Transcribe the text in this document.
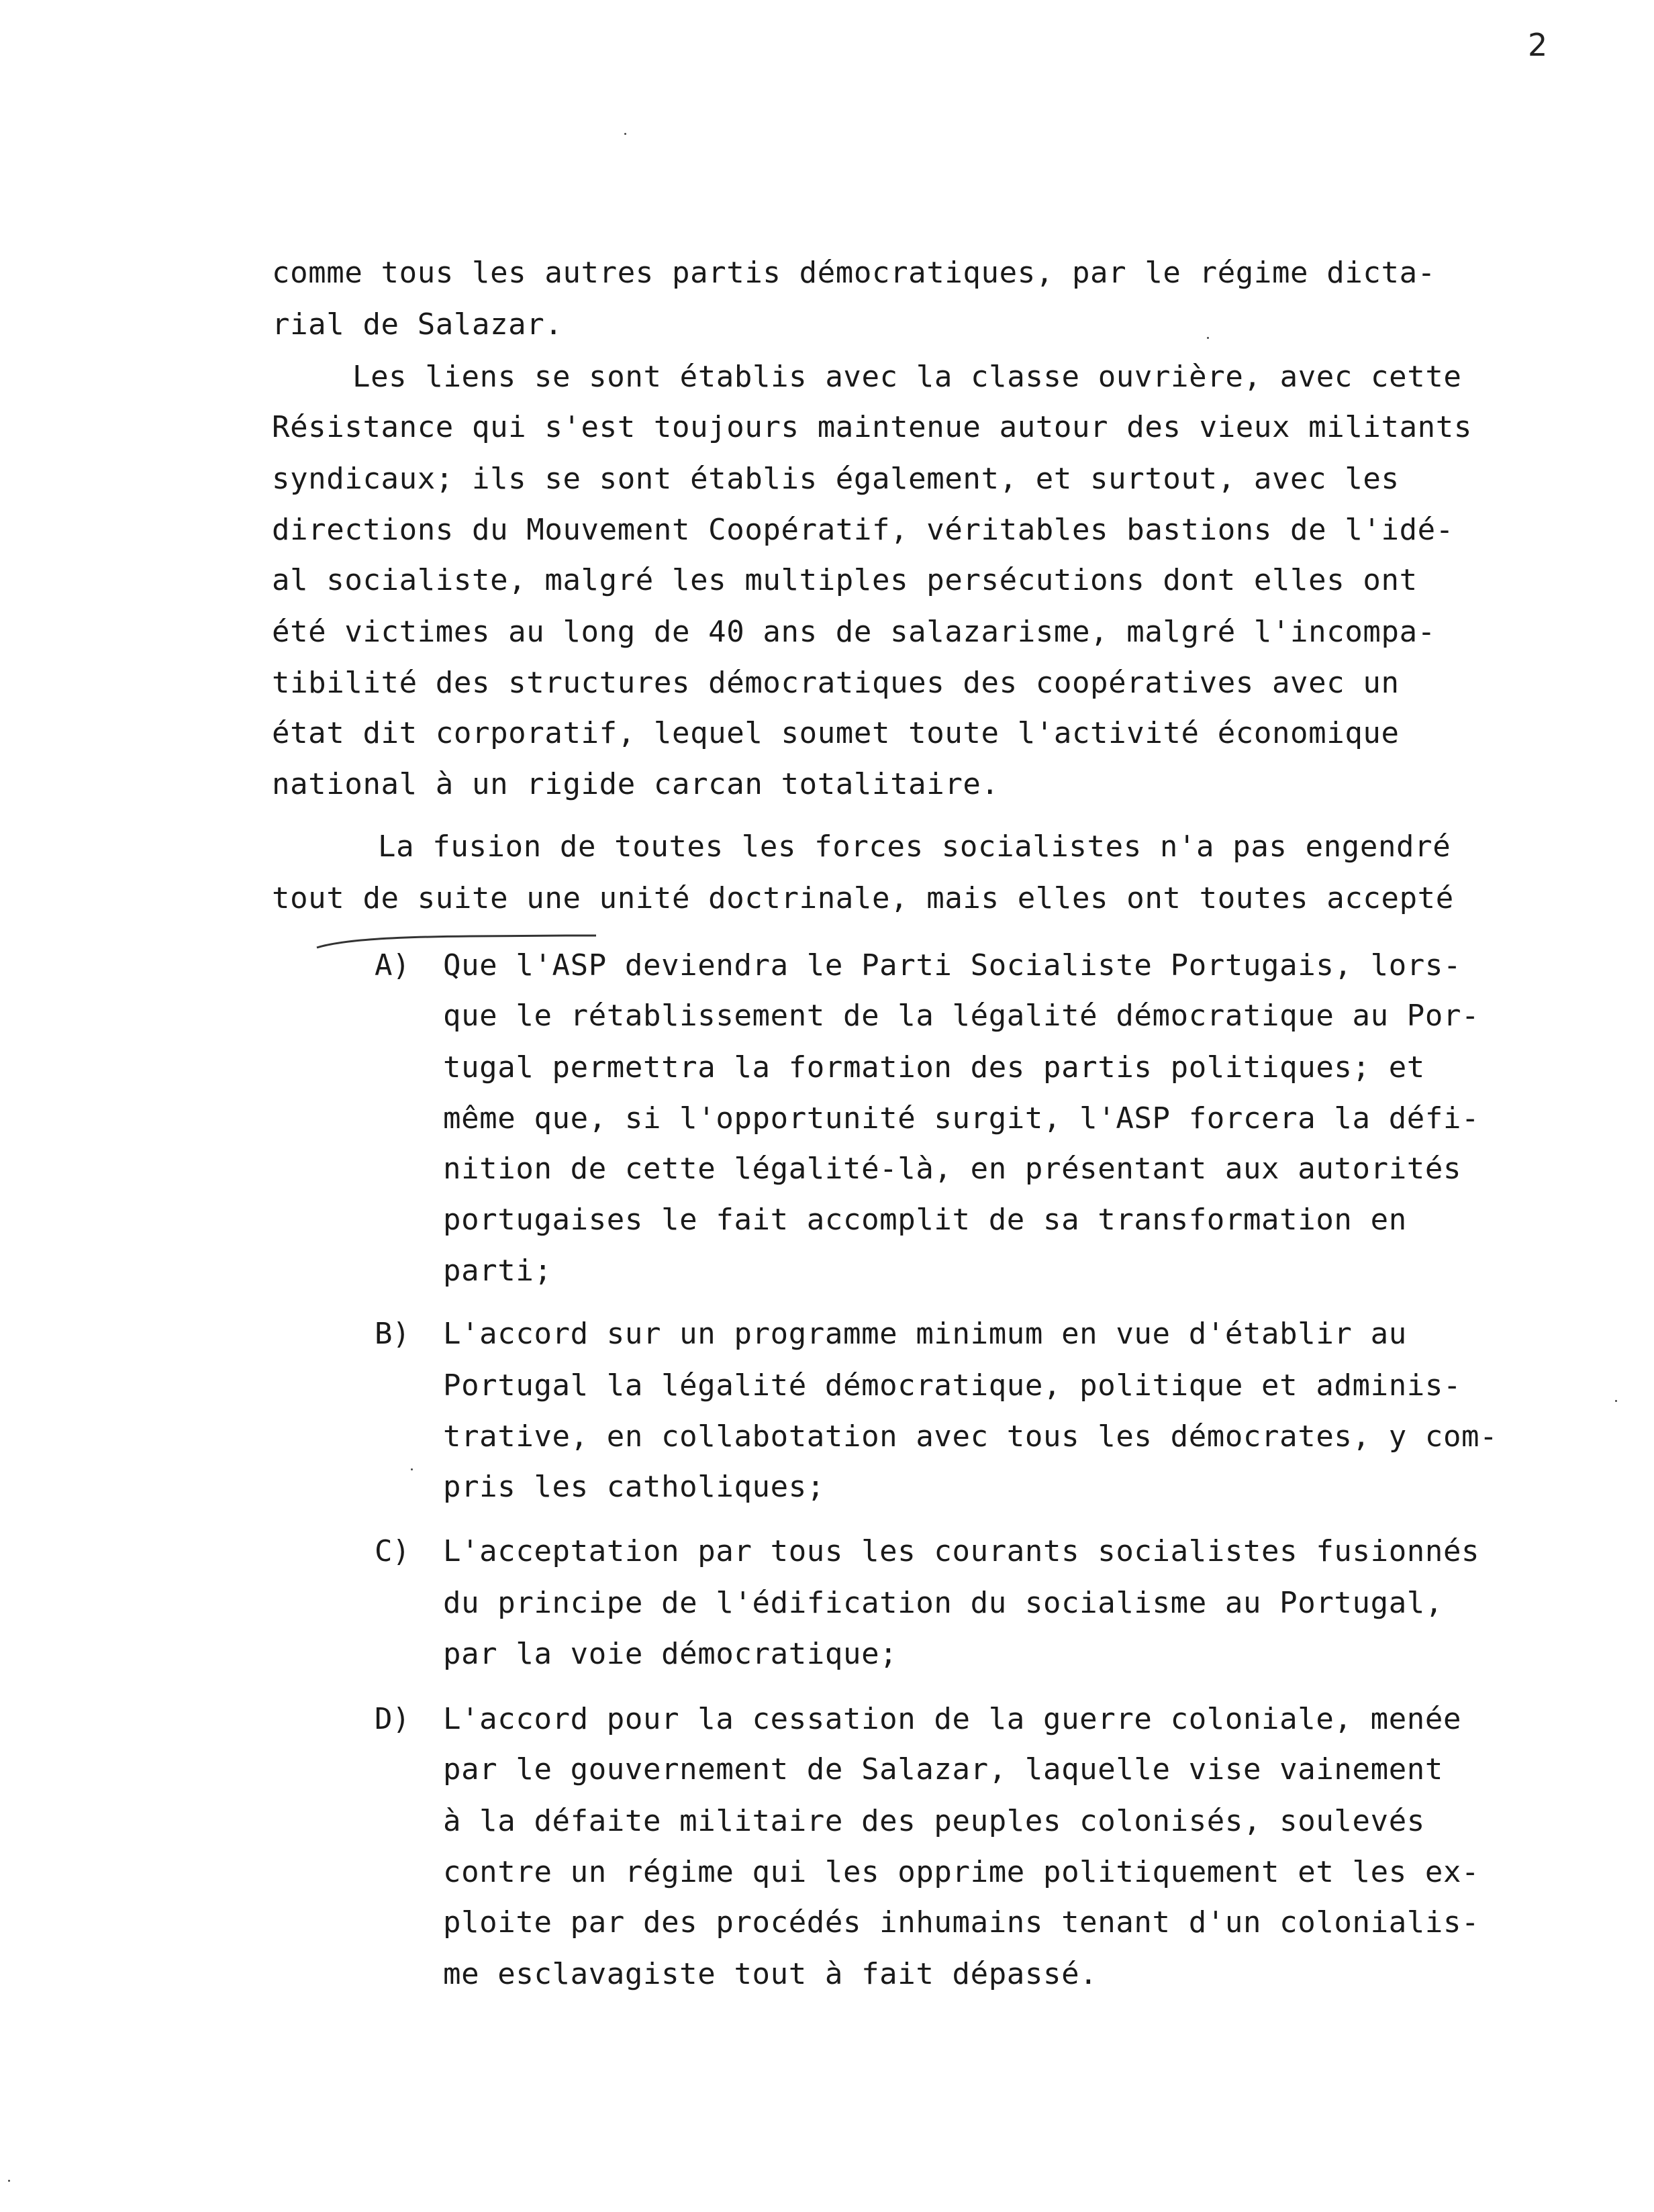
2
comme tous les autres partis démocratiques, par le régime dicta-
rial de Salazar.
Les liens se sont établis avec la classe ouvrière, avec cette
Résistance qui s'est toujours maintenue autour des vieux militants
syndicaux; ils se sont établis également, et surtout, avec les
directions du Mouvement Coopératif, véritables bastions de l'idé-
al socialiste, malgré les multiples persécutions dont elles ont
été victimes au long de 40 ans de salazarisme, malgré l'incompa-
tibilité des structures démocratiques des coopératives avec un
état dit corporatif, lequel soumet toute l'activité économique
national à un rigide carcan totalitaire.
La fusion de toutes les forces socialistes n'a pas engendré
tout de suite une unité doctrinale, mais elles ont toutes accepté
A) Que l'ASP deviendra le Parti Socialiste Portugais, lors-
que le rétablissement de la légalité démocratique au Por-
tugal permettra la formation des partis politiques; et
même que, si l'opportunité surgit, l'ASP forcera la défi-
nition de cette légalité-là, en présentant aux autorités
portugaises le fait accomplit de sa transformation en
parti;
B) L'accord sur un programme minimum en vue d'établir au
Portugal la légalité démocratique, politique et adminis-
trative, en collabotation avec tous les démocrates, y com-
pris les catholiques;
C) L'acceptation par tous les courants socialistes fusionnés
du principe de l'édification du socialisme au Portugal,
par la voie démocratique;
D) L'accord pour la cessation de la guerre coloniale, menée
par le gouvernement de Salazar, laquelle vise vainement
à la défaite militaire des peuples colonisés, soulevés
contre un régime qui les opprime politiquement et les ex-
ploite par des procédés inhumains tenant d'un colonialis-
me esclavagiste tout à fait dépassé.
